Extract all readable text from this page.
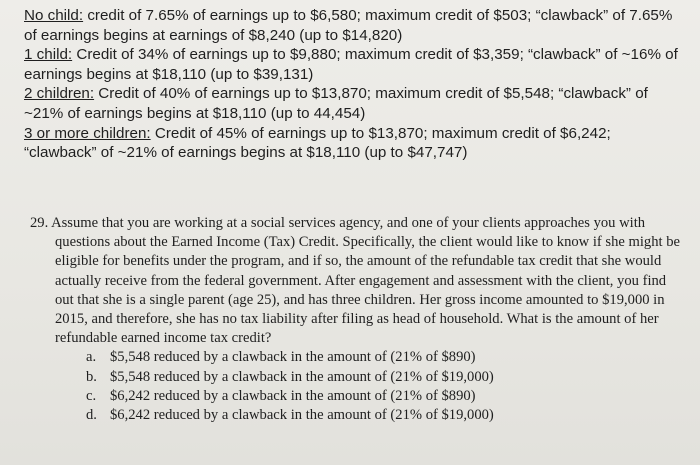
No child: credit of 7.65% of earnings up to $6,580; maximum credit of $503; “clawback” of 7.65% of earnings begins at earnings of $8,240 (up to $14,820)
1 child: Credit of 34% of earnings up to $9,880; maximum credit of $3,359; “clawback” of ~16% of earnings begins at $18,110 (up to $39,131)
2 children: Credit of 40% of earnings up to $13,870; maximum credit of $5,548; “clawback” of ~21% of earnings begins at $18,110 (up to 44,454)
3 or more children: Credit of 45% of earnings up to $13,870; maximum credit of $6,242; “clawback” of ~21% of earnings begins at $18,110 (up to $47,747)
29. Assume that you are working at a social services agency, and one of your clients approaches you with questions about the Earned Income (Tax) Credit. Specifically, the client would like to know if she might be eligible for benefits under the program, and if so, the amount of the refundable tax credit that she would actually receive from the federal government. After engagement and assessment with the client, you find out that she is a single parent (age 25), and has three children. Her gross income amounted to $19,000 in 2015, and therefore, she has no tax liability after filing as head of household. What is the amount of her refundable earned income tax credit?
a. $5,548 reduced by a clawback in the amount of (21% of $890)
b. $5,548 reduced by a clawback in the amount of (21% of $19,000)
c. $6,242 reduced by a clawback in the amount of (21% of $890)
d. $6,242 reduced by a clawback in the amount of (21% of $19,000)
